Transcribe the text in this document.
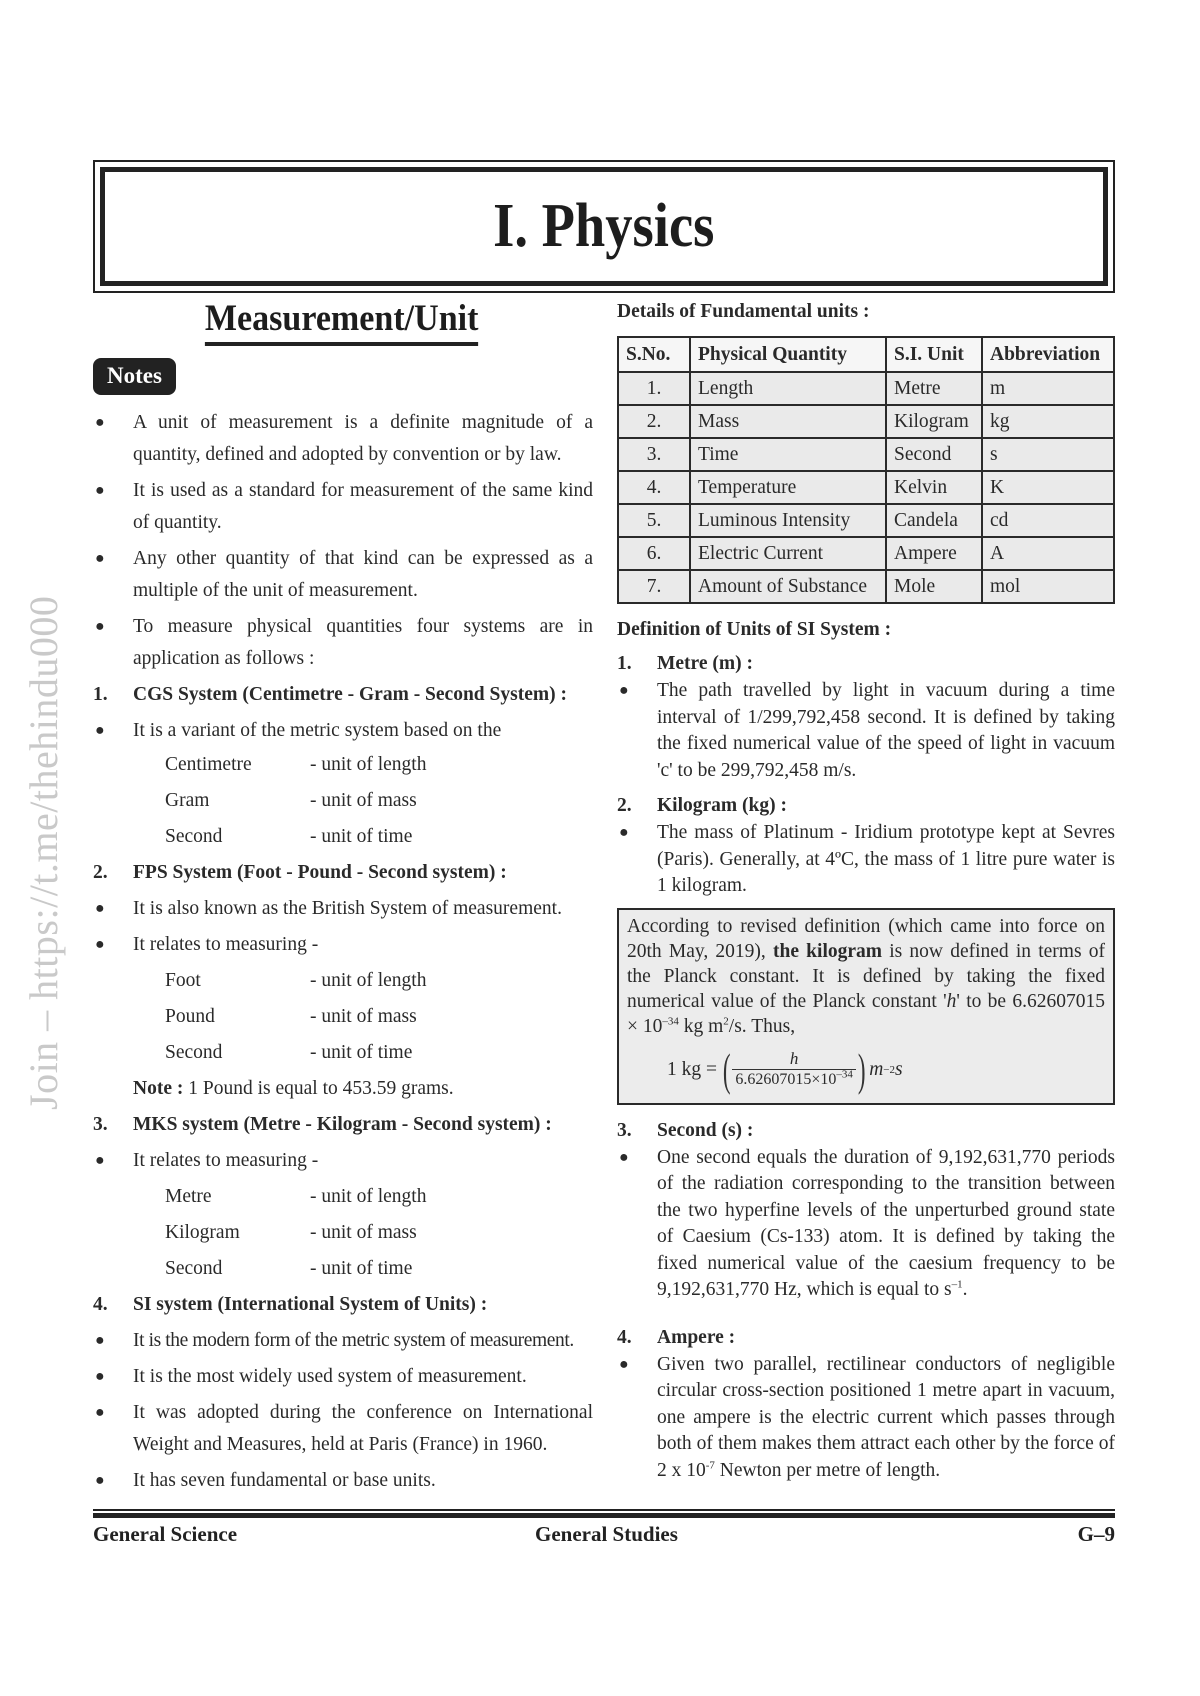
Join – https://t.me/thehindu000
I. Physics
Measurement/Unit
Notes
● A unit of measurement is a definite magnitude of a quantity, defined and adopted by convention or by law.
● It is used as a standard for measurement of the same kind of quantity.
● Any other quantity of that kind can be expressed as a multiple of the unit of measurement.
● To measure physical quantities four systems are in application as follows :
1. CGS System (Centimetre - Gram - Second System) :
● It is a variant of the metric system based on the
Centimetre	- unit of length
Gram	- unit of mass
Second	- unit of time
2. FPS System (Foot - Pound - Second system) :
● It is also known as the British System of measurement.
● It relates to measuring -
Foot	- unit of length
Pound	- unit of mass
Second	- unit of time
Note : 1 Pound is equal to 453.59 grams.
3. MKS system (Metre - Kilogram - Second system) :
● It relates to measuring -
Metre	- unit of length
Kilogram	- unit of mass
Second	- unit of time
4. SI system (International System of Units) :
● It is the modern form of the metric system of measurement.
● It is the most widely used system of measurement.
● It was adopted during the conference on International Weight and Measures, held at Paris (France) in 1960.
● It has seven fundamental or base units.
Details of Fundamental units :
S.No.	Physical Quantity	S.I. Unit	Abbreviation
1.	Length	Metre	m
2.	Mass	Kilogram	kg
3.	Time	Second	s
4.	Temperature	Kelvin	K
5.	Luminous Intensity	Candela	cd
6.	Electric Current	Ampere	A
7.	Amount of Substance	Mole	mol
Definition of Units of SI System :
1. Metre (m) :
● The path travelled by light in vacuum during a time interval of 1/299,792,458 second. It is defined by taking the fixed numerical value of the speed of light in vacuum 'c' to be 299,792,458 m/s.
2. Kilogram (kg) :
● The mass of Platinum - Iridium prototype kept at Sevres (Paris). Generally, at 4ºC, the mass of 1 litre pure water is 1 kilogram.
According to revised definition (which came into force on 20th May, 2019), the kilogram is now defined in terms of the Planck constant. It is defined by taking the fixed numerical value of the Planck constant 'h' to be $6.62607015 \times 10^{-34}$ kg $m^2/s$. Thus,
1 kg = ( $\frac{h}{6.62607015\times 10^{-34}}$ ) m −2 s
3. Second (s) :
● One second equals the duration of 9,192,631,770 periods of the radiation corresponding to the transition between the two hyperfine levels of the unperturbed ground state of Caesium (Cs-133) atom. It is defined by taking the fixed numerical value of the caesium frequency to be 9,192,631,770 Hz, which is equal to $s^{-1}$.
4. Ampere :
● Given two parallel, rectilinear conductors of negligible circular cross-section positioned 1 metre apart in vacuum, one ampere is the electric current which passes through both of them makes them attract each other by the force of 2 x $10^{-7}$ Newton per metre of length.
General Science	General Studies	G–9
